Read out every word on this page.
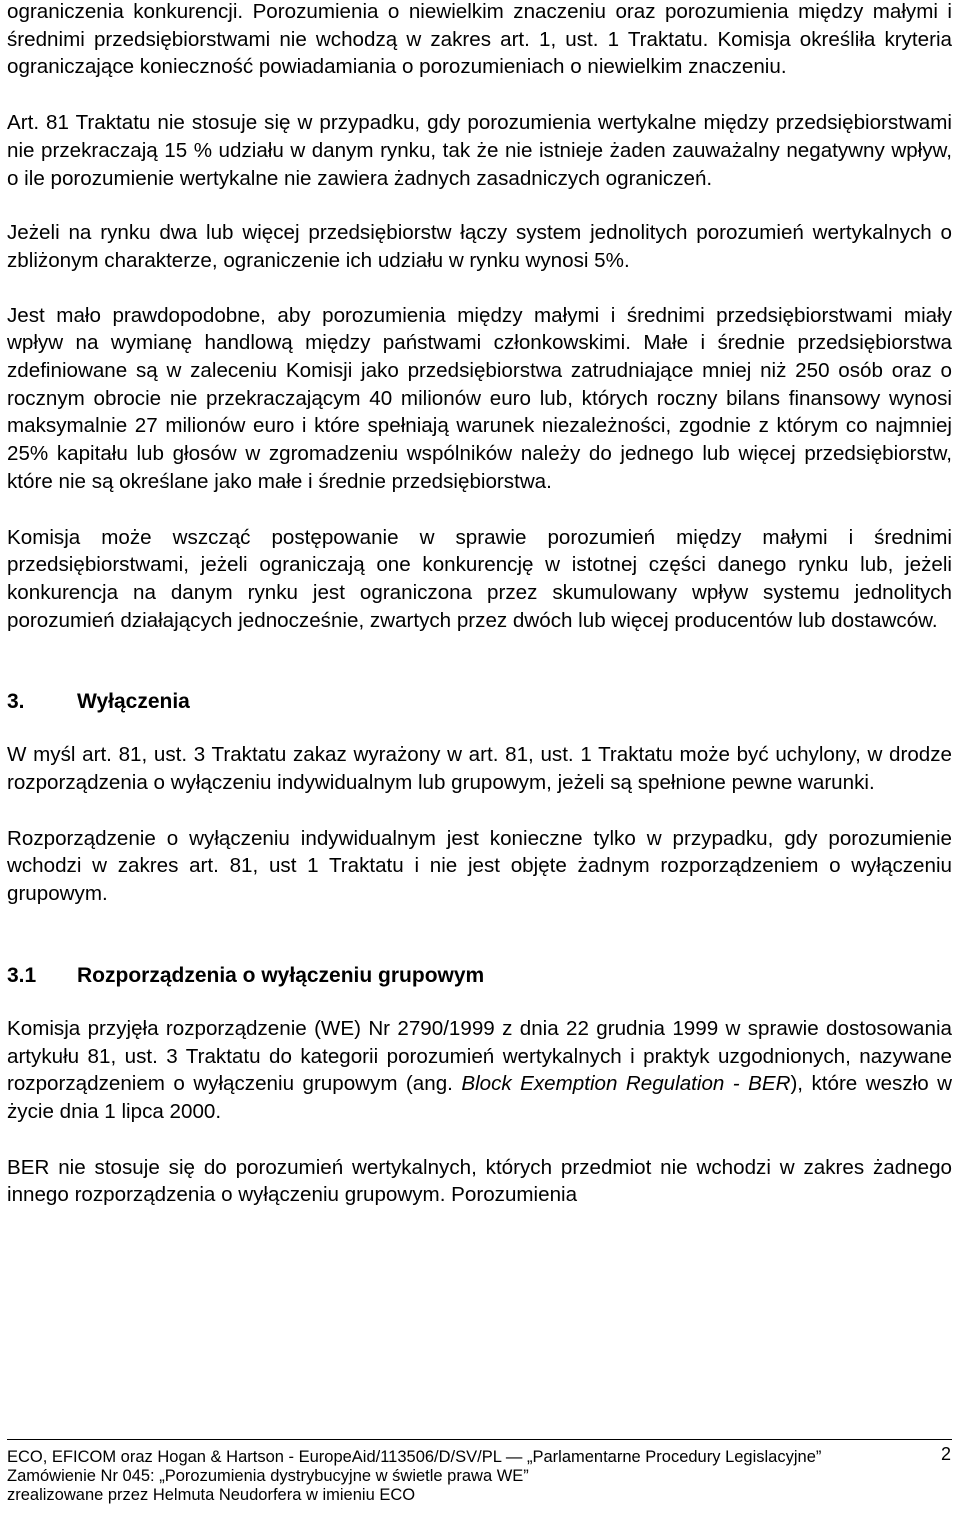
ograniczenia konkurencji. Porozumienia o niewielkim znaczeniu oraz porozumienia między małymi i średnimi przedsiębiorstwami nie wchodzą w zakres art. 1, ust. 1 Traktatu. Komisja określiła kryteria ograniczające konieczność powiadamiania o porozumieniach o niewielkim znaczeniu.

Art. 81 Traktatu nie stosuje się w przypadku, gdy porozumienia wertykalne między przedsiębiorstwami nie przekraczają 15 % udziału w danym rynku, tak że nie istnieje żaden zauważalny negatywny wpływ, o ile porozumienie wertykalne nie zawiera żadnych zasadniczych ograniczeń.

Jeżeli na rynku dwa lub więcej przedsiębiorstw łączy system jednolitych porozumień wertykalnych o zbliżonym charakterze, ograniczenie ich udziału w rynku wynosi 5%.

Jest mało prawdopodobne, aby porozumienia między małymi i średnimi przedsiębiorstwami miały wpływ na wymianę handlową między państwami członkowskimi. Małe i średnie przedsiębiorstwa zdefiniowane są w zaleceniu Komisji jako przedsiębiorstwa zatrudniające mniej niż 250 osób oraz o rocznym obrocie nie przekraczającym 40 milionów euro lub, których roczny bilans finansowy wynosi maksymalnie 27 milionów euro i które spełniają warunek niezależności, zgodnie z którym co najmniej 25% kapitału lub głosów w zgromadzeniu wspólników należy do jednego lub więcej przedsiębiorstw, które nie są określane jako małe i średnie przedsiębiorstwa.

Komisja może wszcząć postępowanie w sprawie porozumień między małymi i średnimi przedsiębiorstwami, jeżeli ograniczają one konkurencję w istotnej części danego rynku lub, jeżeli konkurencja na danym rynku jest ograniczona przez skumulowany wpływ systemu jednolitych porozumień działających jednocześnie, zwartych przez dwóch lub więcej producentów lub dostawców.

3. Wyłączenia

W myśl art. 81, ust. 3 Traktatu zakaz wyrażony w art. 81, ust. 1 Traktatu może być uchylony, w drodze rozporządzenia o wyłączeniu indywidualnym lub grupowym, jeżeli są spełnione pewne warunki.

Rozporządzenie o wyłączeniu indywidualnym jest konieczne tylko w przypadku, gdy porozumienie wchodzi w zakres art. 81, ust 1 Traktatu i nie jest objęte żadnym rozporządzeniem o wyłączeniu grupowym.

3.1 Rozporządzenia o wyłączeniu grupowym

Komisja przyjęła rozporządzenie (WE) Nr 2790/1999 z dnia 22 grudnia 1999 w sprawie dostosowania artykułu 81, ust. 3 Traktatu do kategorii porozumień wertykalnych i praktyk uzgodnionych, nazywane rozporządzeniem o wyłączeniu grupowym (ang. Block Exemption Regulation - BER), które weszło w życie dnia 1 lipca 2000.

BER nie stosuje się do porozumień wertykalnych, których przedmiot nie wchodzi w zakres żadnego innego rozporządzenia o wyłączeniu grupowym. Porozumienia

ECO, EFICOM oraz Hogan & Hartson - EuropeAid/113506/D/SV/PL — „Parlamentarne Procedury Legislacyjne”
Zamówienie Nr 045: „Porozumienia dystrybucyjne w świetle prawa WE”
zrealizowane przez Helmuta Neudorfera w imieniu ECO
2
